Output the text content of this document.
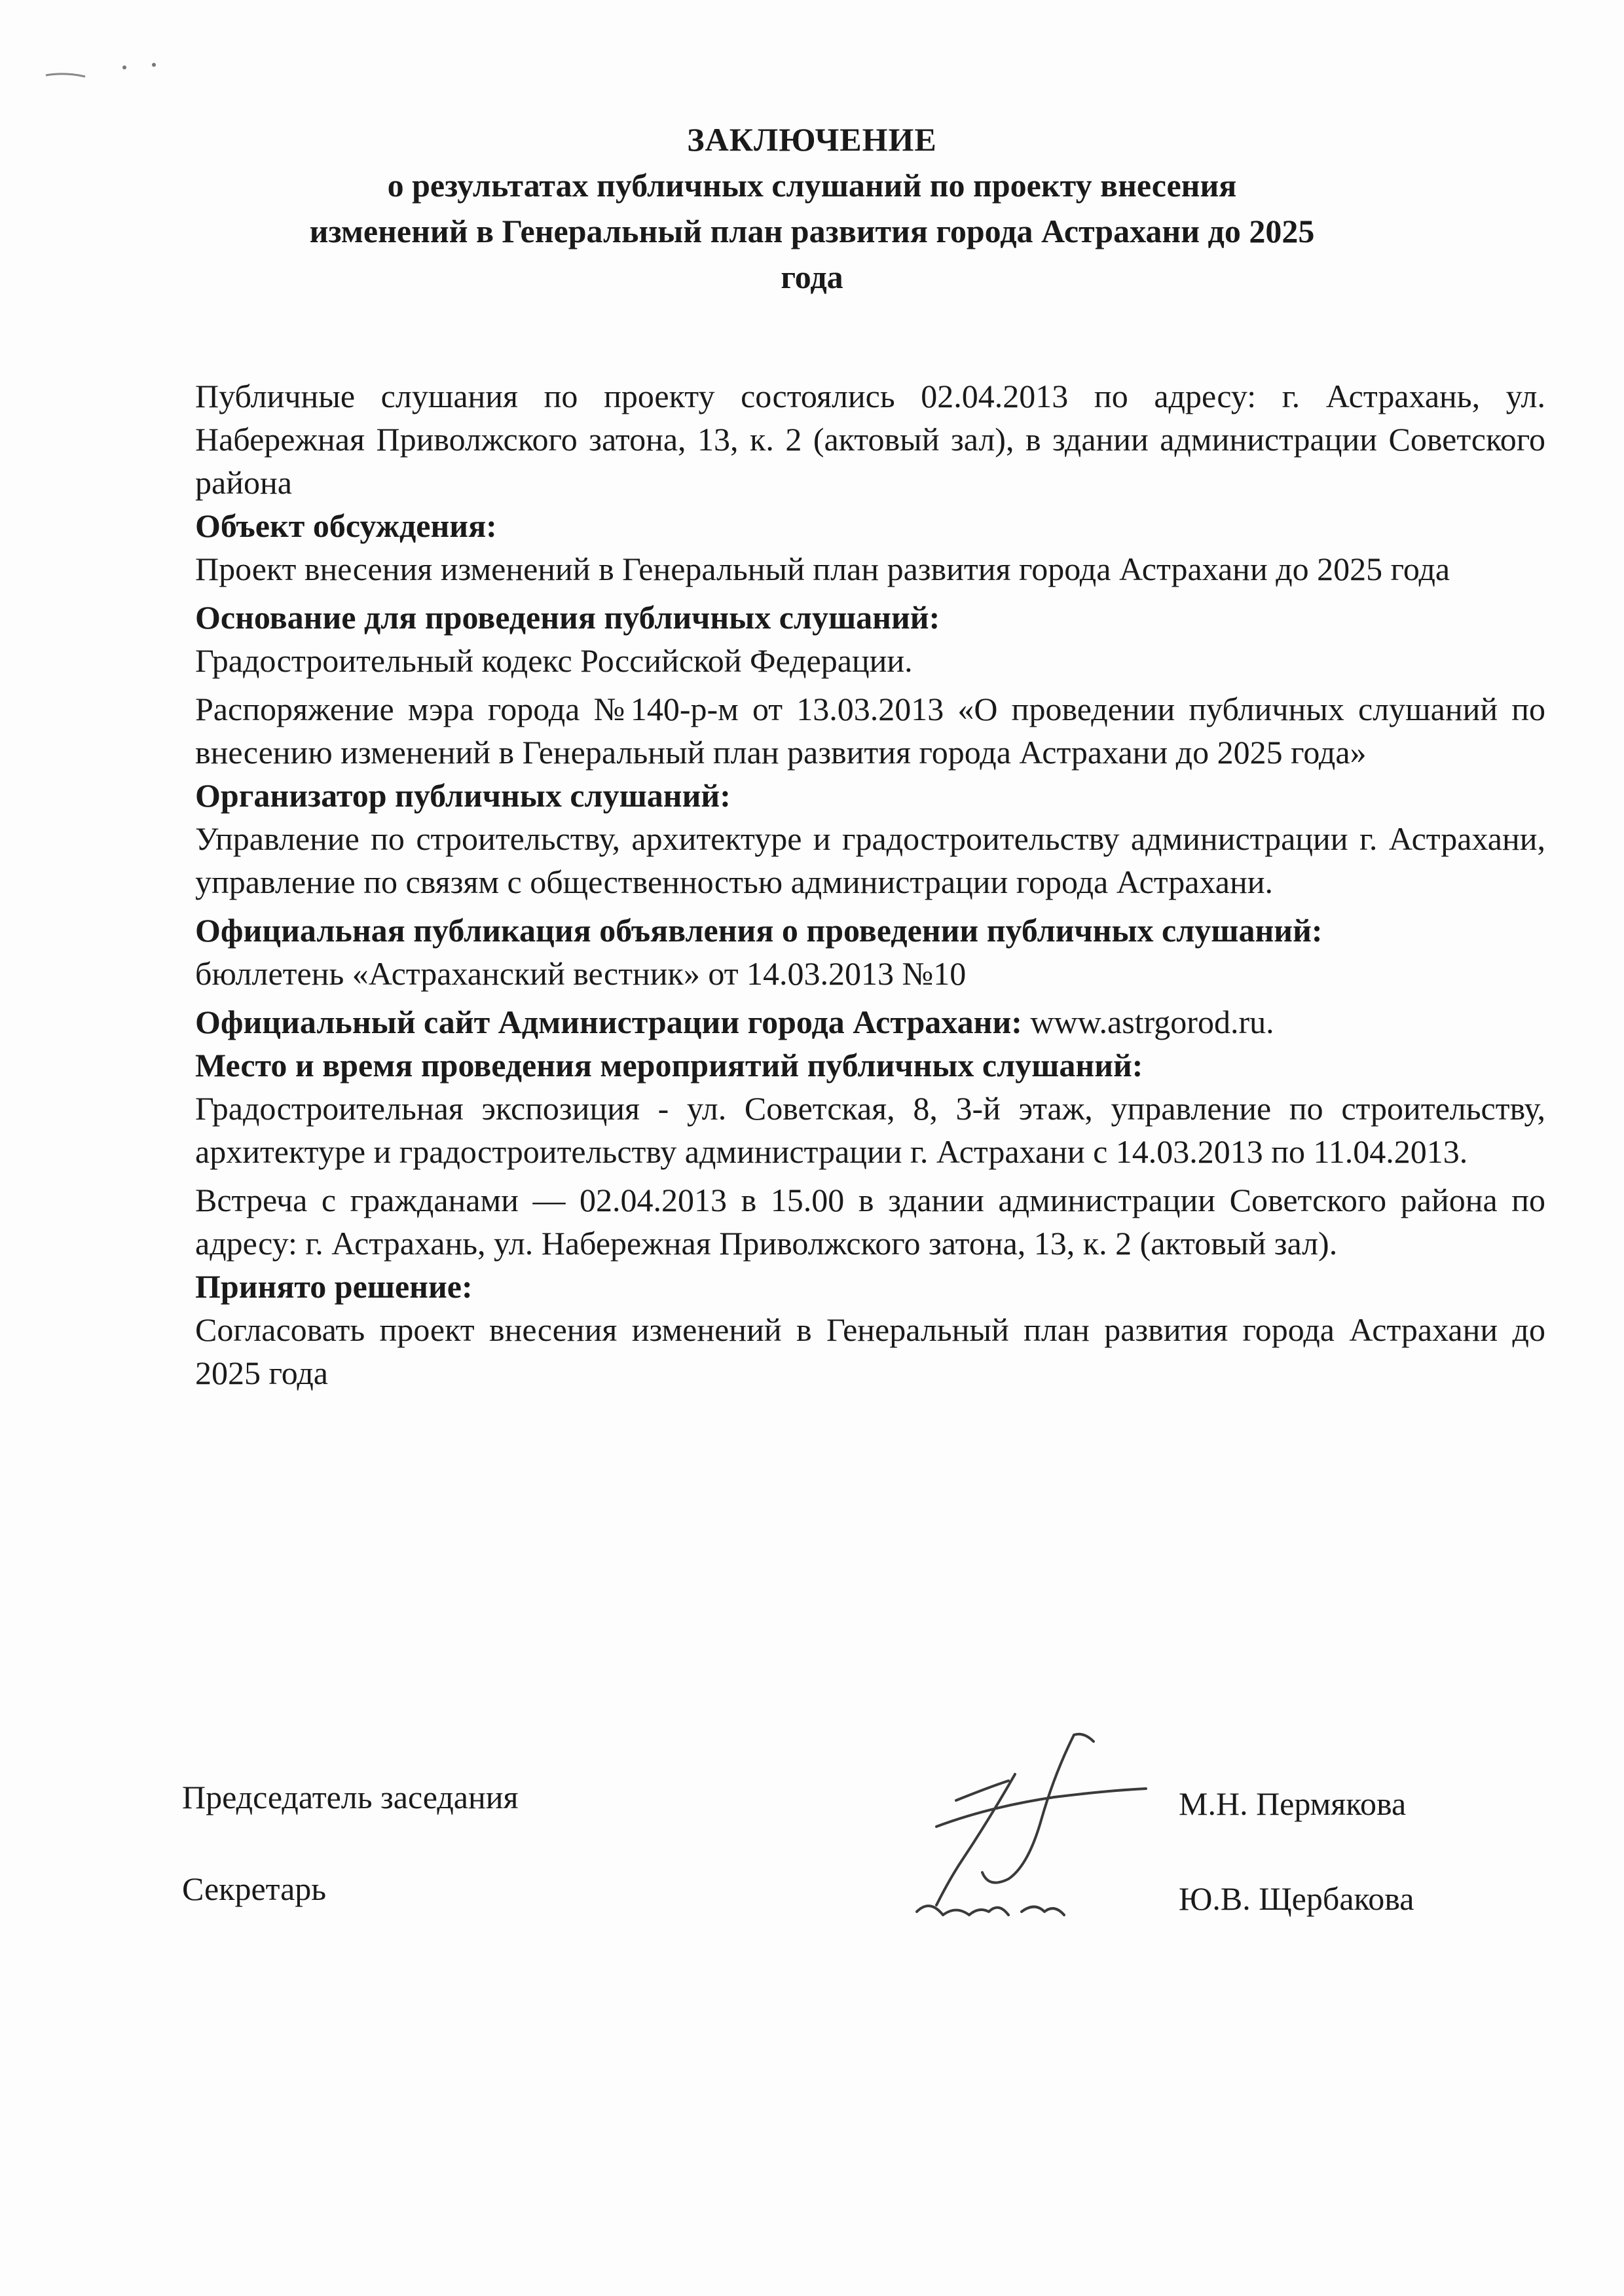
ЗАКЛЮЧЕНИЕ
о результатах публичных слушаний по проекту внесения
изменений в Генеральный план развития города Астрахани до 2025
года

Публичные слушания по проекту состоялись 02.04.2013 по адресу: г. Астрахань, ул. Набережная Приволжского затона, 13, к. 2 (актовый зал), в здании администрации Советского района

Объект обсуждения:

Проект внесения изменений в Генеральный план развития города Астрахани до 2025 года

Основание для проведения публичных слушаний:

Градостроительный кодекс Российской Федерации.

Распоряжение мэра города №140-р-м от 13.03.2013 «О проведении публичных слушаний по внесению изменений в Генеральный план развития города Астрахани до 2025 года»

Организатор публичных слушаний:

Управление по строительству, архитектуре и градостроительству администрации г. Астрахани, управление по связям с общественностью администрации города Астрахани.

Официальная публикация объявления о проведении публичных слушаний:

бюллетень «Астраханский вестник» от 14.03.2013 №10

Официальный сайт Администрации города Астрахани: www.astrgorod.ru.

Место и время проведения мероприятий публичных слушаний:

Градостроительная экспозиция - ул. Советская, 8, 3-й этаж, управление по строительству, архитектуре и градостроительству администрации г. Астрахани с 14.03.2013 по 11.04.2013.

Встреча с гражданами — 02.04.2013 в 15.00 в здании администрации Советского района по адресу: г. Астрахань, ул. Набережная Приволжского затона, 13, к. 2 (актовый зал).

Принято решение:

Согласовать проект внесения изменений в Генеральный план развития города Астрахани до 2025 года

Председатель заседания	М.Н. Пермякова
Секретарь	Ю.В. Щербакова
